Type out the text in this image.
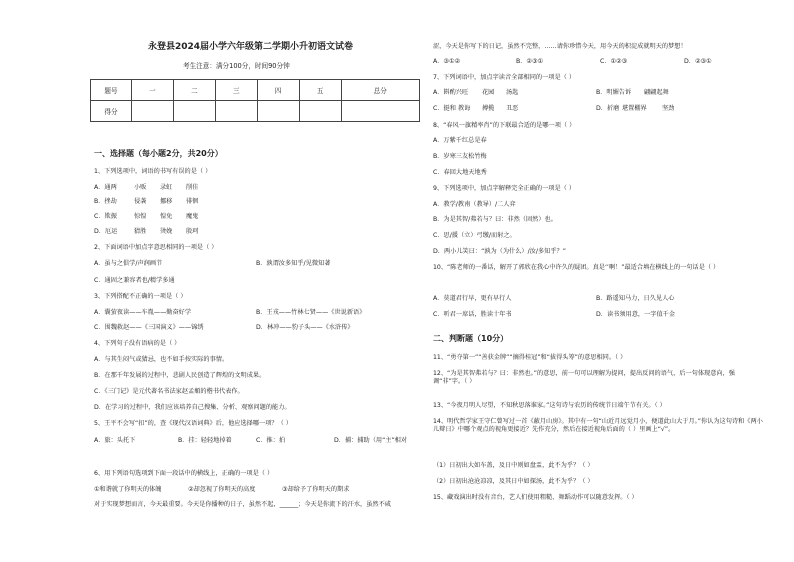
永登县2024届小学六年级第二学期小升初语文试卷
考生注意：满分100分，时间90分钟
题号	一	二	三	四	五	总分
得分						
一、选择题（每小题2分，共20分）
1、下列选项中，词语的书写有误的是（ ）
A．通两	小贩 录虹 削佳
B．挫劫	侵袭 挪移 徘徊
C．欺振	惊惶 惶免 魔鬼
D．厄运	猜胜 烫娩 殷珂
2、下面词语中加点字意思相同的一项是（ ）
A．虽与之俱学/声润画节	B．孰谓汝多知乎/见微知著
C．通固之兼容者也/精学多通
3、下列搭配不正确的一项是（ ）
A．囊萤夜读——车胤——勤奋好学	B．王戎——竹林七贤——《世说新语》
C．围魏救赵——《三国演义》——锦绣	D．林冲——豹子头——《水浒传》
4、下列句子没有语病的是（ ）
A．与其生闷气或猜忌，也不如手按实际的事情。
B．在那千年发展的过程中，悲剧人民创造了辉煌的文明成果。
C．《三门记》是元代著名书法家赵孟頫的楷书代表作。
D．在学习的过程中，我们应该培养自己搜集、分析、观察问题的能力。
5、王平不会写“扣”的，查《现代汉语词典》后，他应选择哪一项？（ ）
A．旅：头托下	B．挂：轻轻地掉着	C．推：拍	D．捕：捕助（用“主”相对
6、用下列语句选项到下面一段话中的横线上，正确的一项是（ ）
①和谐就了你明天的体魄	②却忽视了你明天的高度	③却给予了你明天的期求
对于实现梦想而言，今天最重要。今天是你播种的日子，虽然不起，______；今天是你流下的汗水，虽然不咸
涩，今天是你写下的日记，虽然不完整，……请你珍惜今天，用今天的积淀成就明天的梦想！
A．③①②	B．②③①	C．①②③	D．②③①
7、下列词语中，加点字读音全部相同的一项是（ ）
A．斟酌兴旺 花园 汤匙	B．明媚告诉 翩翩起舞
C．挺和 教诲 搏揽 丑恶	D．折磨 堪置棚界 坚劲
8、“春风一旗精率肖”的下联最合适的是哪一项（ ）
A．万紫千红总是春
B．岁寒三友松竹梅
C．春回大地天地秀
9、下列选项中，加点字解释完全正确的一项是（ ）
A．教学/教南（教导）/二人弈
B．为是其智/弗若与？曰：非然（固然）也。
C．思/援（立）弓缴/而射之。
D．两小儿笑曰：“孰为（为什么）/汝/多知乎？”
10、“陈老师的一番话，解开了郭欣在我心中许久的疑团。真是‘’啊！”最适合填在横线上的一句话是（ ）
A．莫道君行早，更有早行人	B．路遥知马力，日久见人心
C．听君一席话，胜读十年书	D．读书须用意，一字值千金
二、判断题（10分）
11、“勇夺第一”“善获金牌”“摘得桂冠”和“拔得头筹”的意思相同。（ ）
12、“为是其智弗若与？曰：非然也。”的意思，前一句可以理解为提问，提出反问的语气，后一句体现意向，强调“非”字。（ ）
13、“今夜月明人尽望，不知秋思落谁家。”这句诗与农历的传统节日端午节有关。（ ）
14、明代哲学家王守仁曾写过一首《蔽月山房》。其中有一句“山近月远觉月小，便道此山大于月。”你认为这句诗和《两小儿辩日》中哪个观点的视角更接近？先作充分，然后在接近视角后面的（ ）里画上“√”。
（1）日初出大如车盖，及日中则如盘盂，此不为乎？（ ）
（2）日初出沧沧凉凉，及其日中如探汤，此不为乎？（ ）
15、藏戏演出时没有音台，艺人们使用粗糙、舞蹈动作可以随意发挥。（ ）
